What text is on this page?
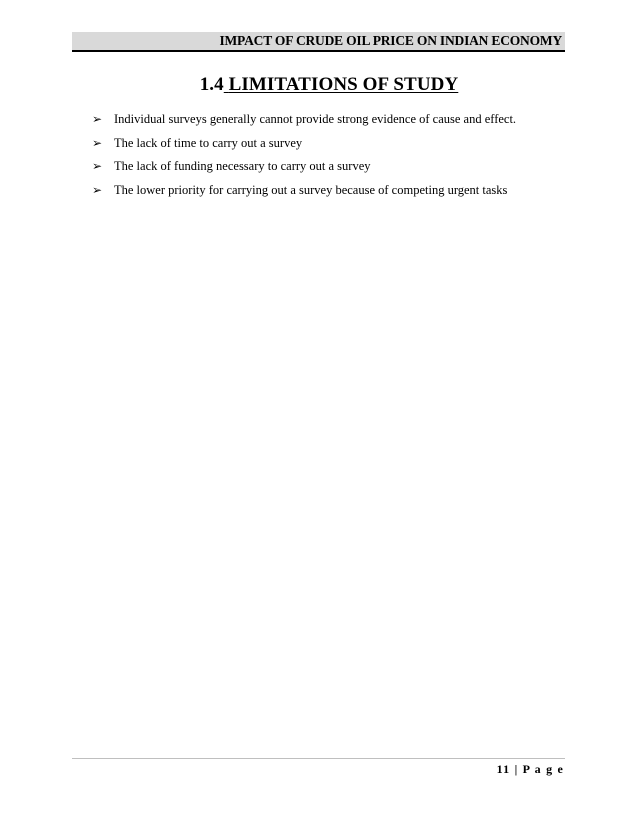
IMPACT OF CRUDE OIL PRICE ON INDIAN ECONOMY
1.4 LIMITATIONS OF STUDY
➢ Individual surveys generally cannot provide strong evidence of cause and effect.
➢ The lack of time to carry out a survey
➢ The lack of funding necessary to carry out a survey
➢ The lower priority for carrying out a survey because of competing urgent tasks
11 | P a g e
